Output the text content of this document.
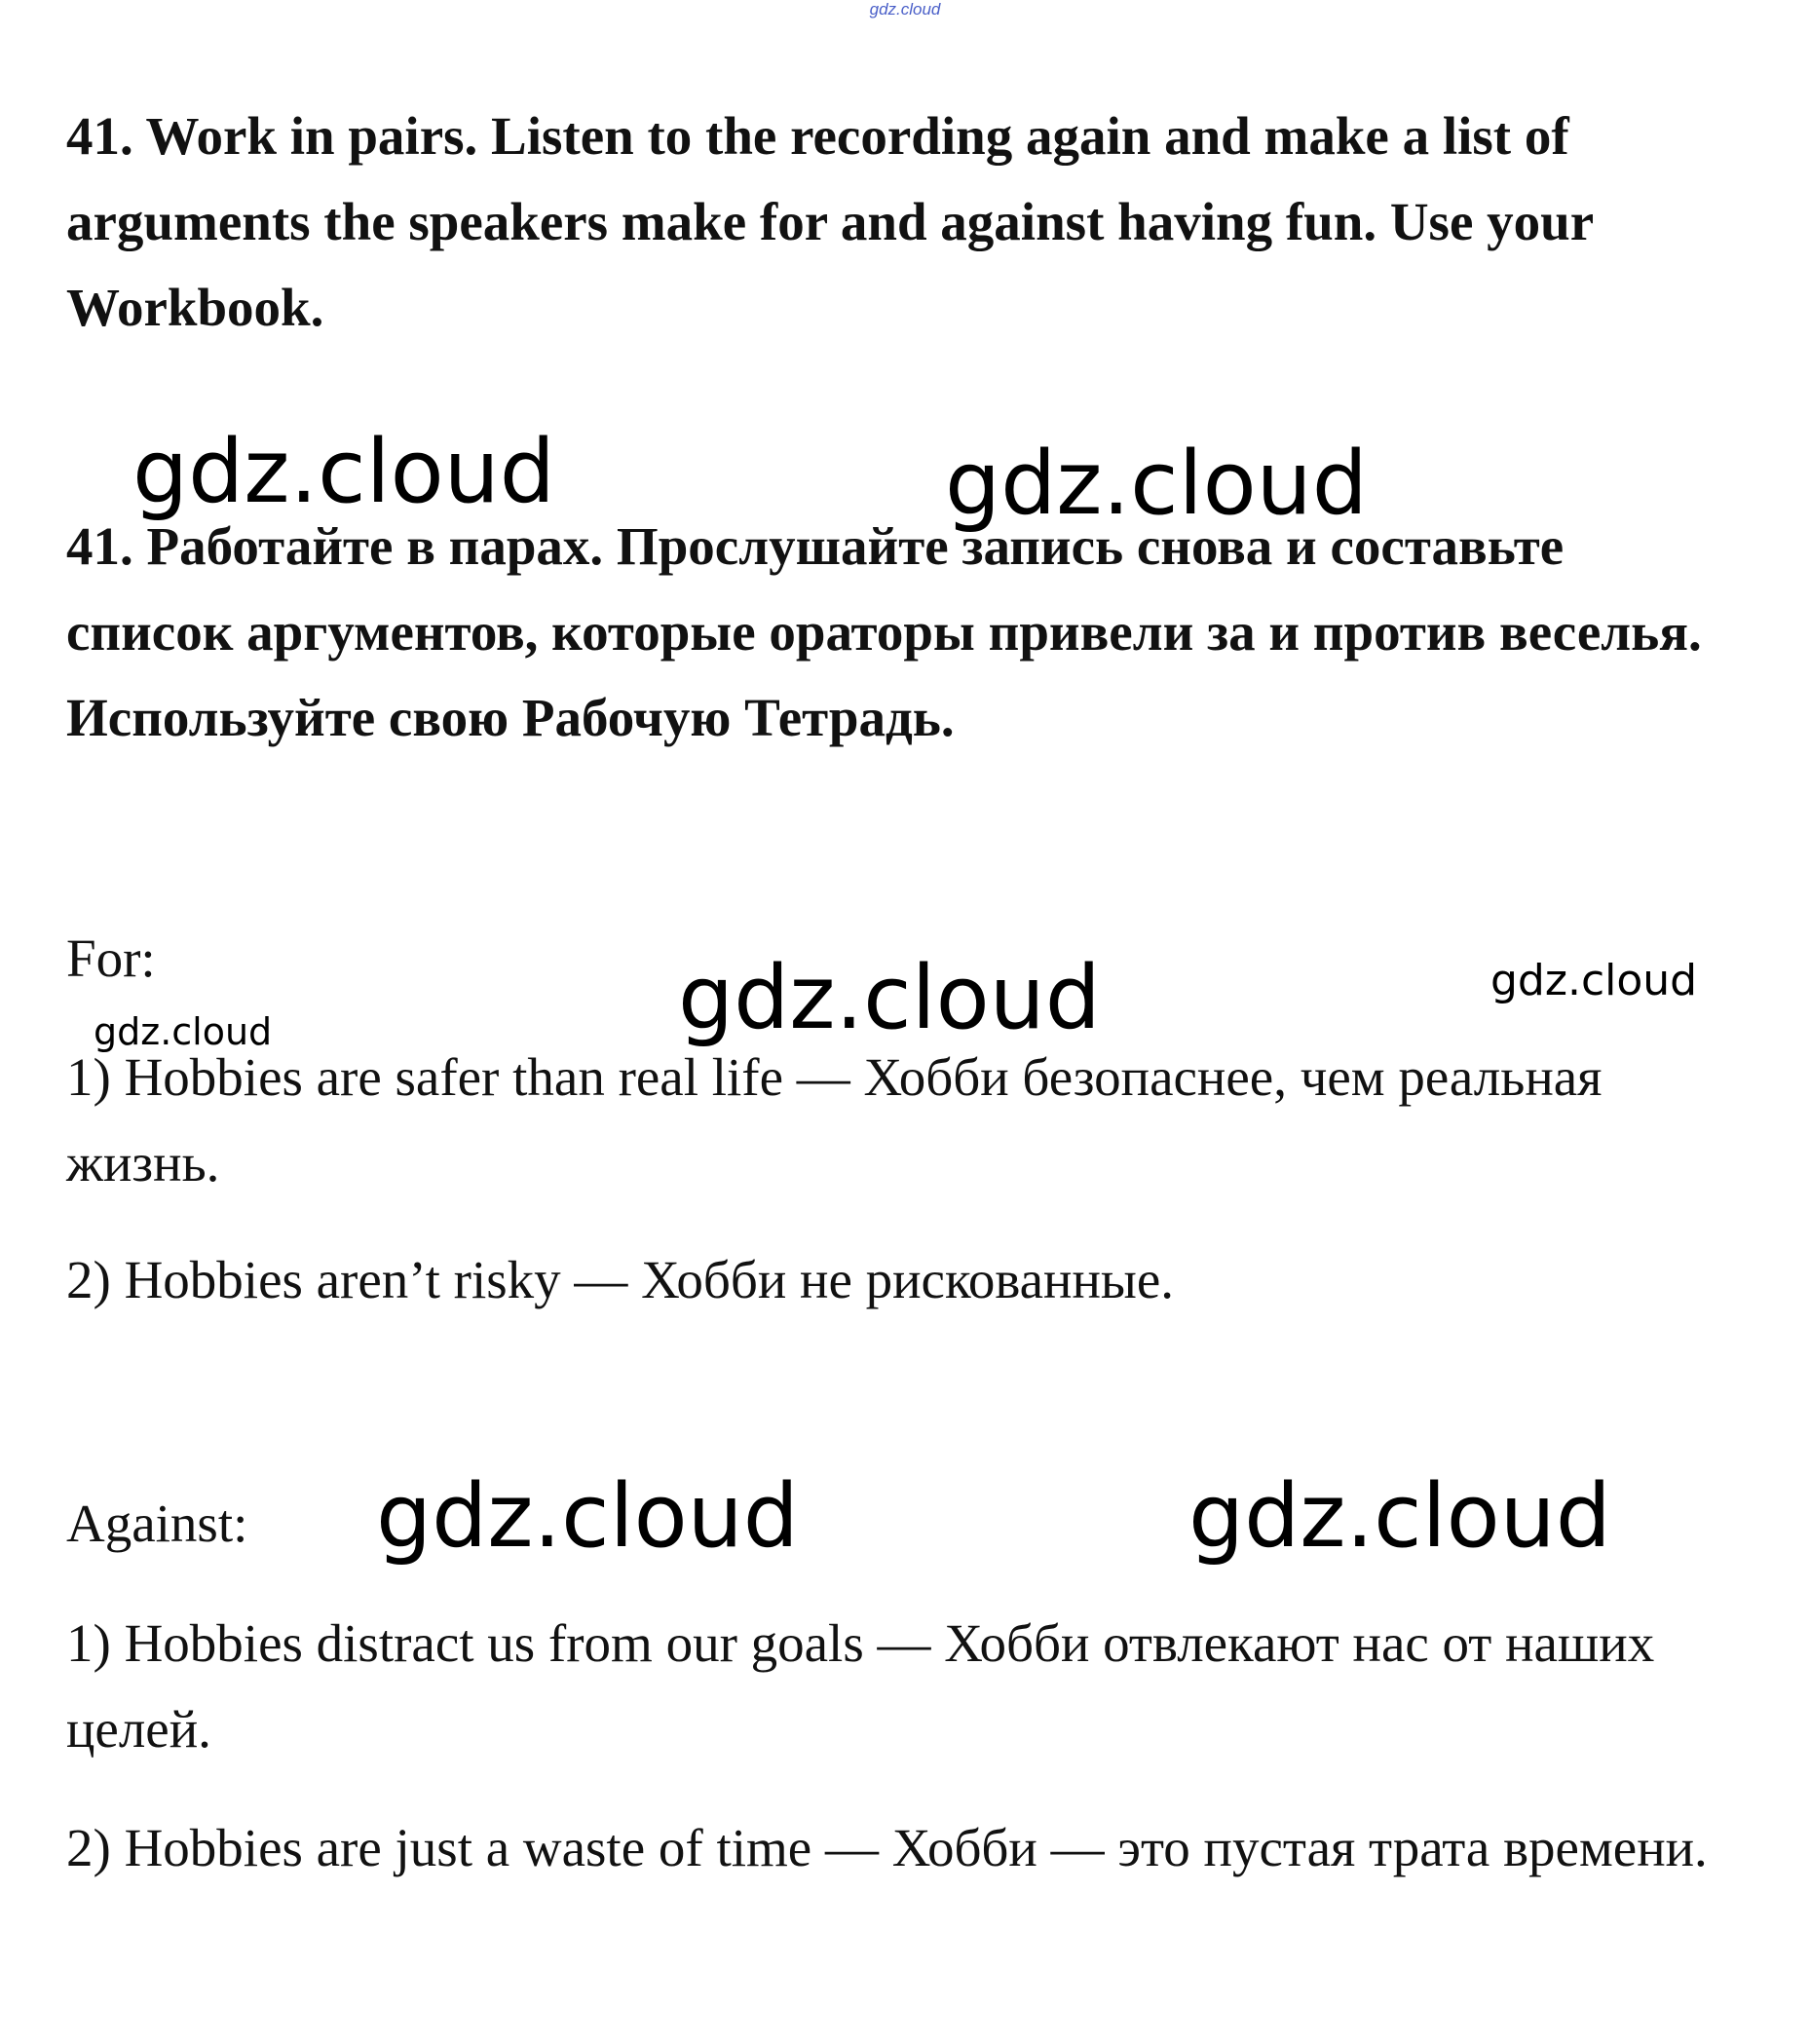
gdz.cloud

41. Work in pairs. Listen to the recording again and make a list of arguments the speakers make for and against having fun. Use your Workbook.

gdz.cloud	gdz.cloud

41. Работайте в парах. Прослушайте запись снова и составьте список аргументов, которые ораторы привели за и против веселья. Используйте свою Рабочую Тетрадь.

For:	gdz.cloud	gdz.cloud
gdz.cloud

1) Hobbies are safer than real life — Хобби безопаснее, чем реальная жизнь.

2) Hobbies aren’t risky — Хобби не рискованные.

Against:	gdz.cloud	gdz.cloud

1) Hobbies distract us from our goals — Хобби отвлекают нас от наших целей.

2) Hobbies are just a waste of time — Хобби — это пустая трата времени.
